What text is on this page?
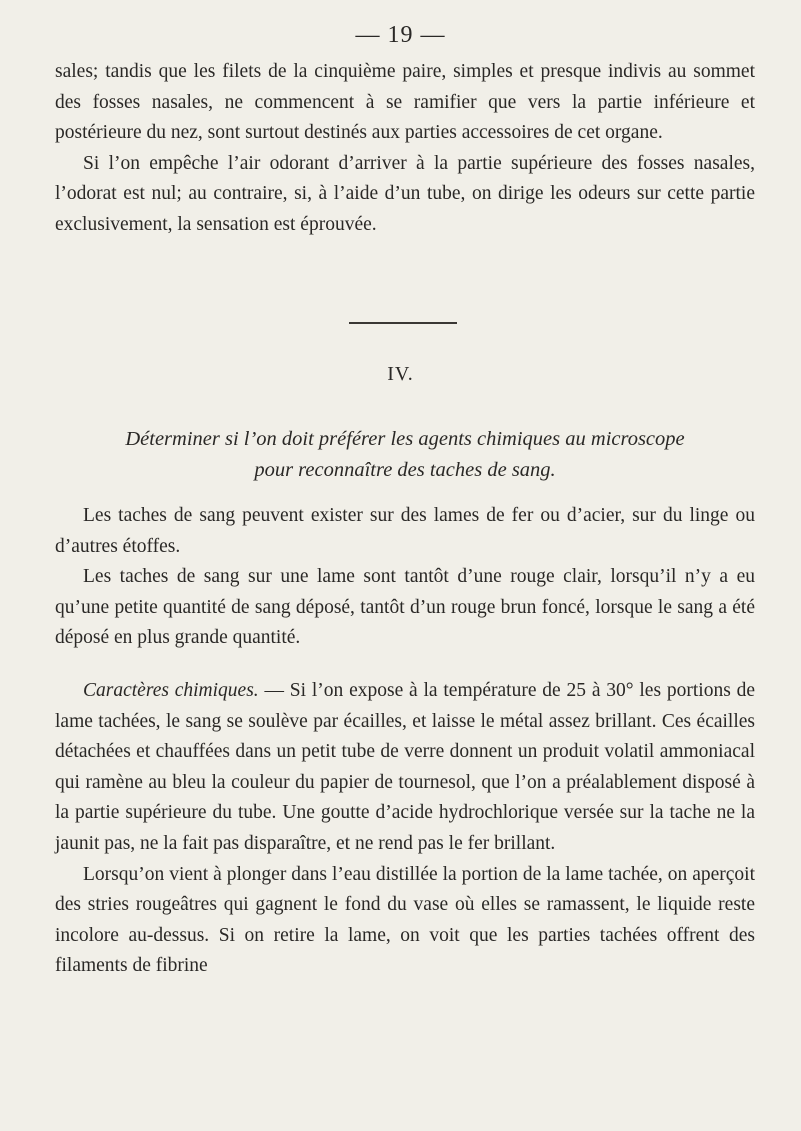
— 19 —

sales; tandis que les filets de la cinquième paire, simples et presque indivis au sommet des fosses nasales, ne commencent à se ramifier que vers la partie inférieure et postérieure du nez, sont surtout destinés aux parties accessoires de cet organe.

Si l’on empêche l’air odorant d’arriver à la partie supérieure des fosses nasales, l’odorat est nul; au contraire, si, à l’aide d’un tube, on dirige les odeurs sur cette partie exclusivement, la sensation est éprouvée.

IV.
Déterminer si l’on doit préférer les agents chimiques au microscope
pour reconnaître des taches de sang.

Les taches de sang peuvent exister sur des lames de fer ou d’acier, sur du linge ou d’autres étoffes.

Les taches de sang sur une lame sont tantôt d’une rouge clair, lorsqu’il n’y a eu qu’une petite quantité de sang déposé, tantôt d’un rouge brun foncé, lorsque le sang a été déposé en plus grande quantité.

Caractères chimiques. — Si l’on expose à la température de 25 à 30° les portions de lame tachées, le sang se soulève par écailles, et laisse le métal assez brillant. Ces écailles détachées et chauffées dans un petit tube de verre donnent un produit volatil ammoniacal qui ramène au bleu la couleur du papier de tournesol, que l’on a préalablement disposé à la partie supérieure du tube. Une goutte d’acide hydrochlorique versée sur la tache ne la jaunit pas, ne la fait pas disparaître, et ne rend pas le fer brillant.

Lorsqu’on vient à plonger dans l’eau distillée la portion de la lame tachée, on aperçoit des stries rougeâtres qui gagnent le fond du vase où elles se ramassent, le liquide reste incolore au-dessus. Si on retire la lame, on voit que les parties tachées offrent des filaments de fibrine
